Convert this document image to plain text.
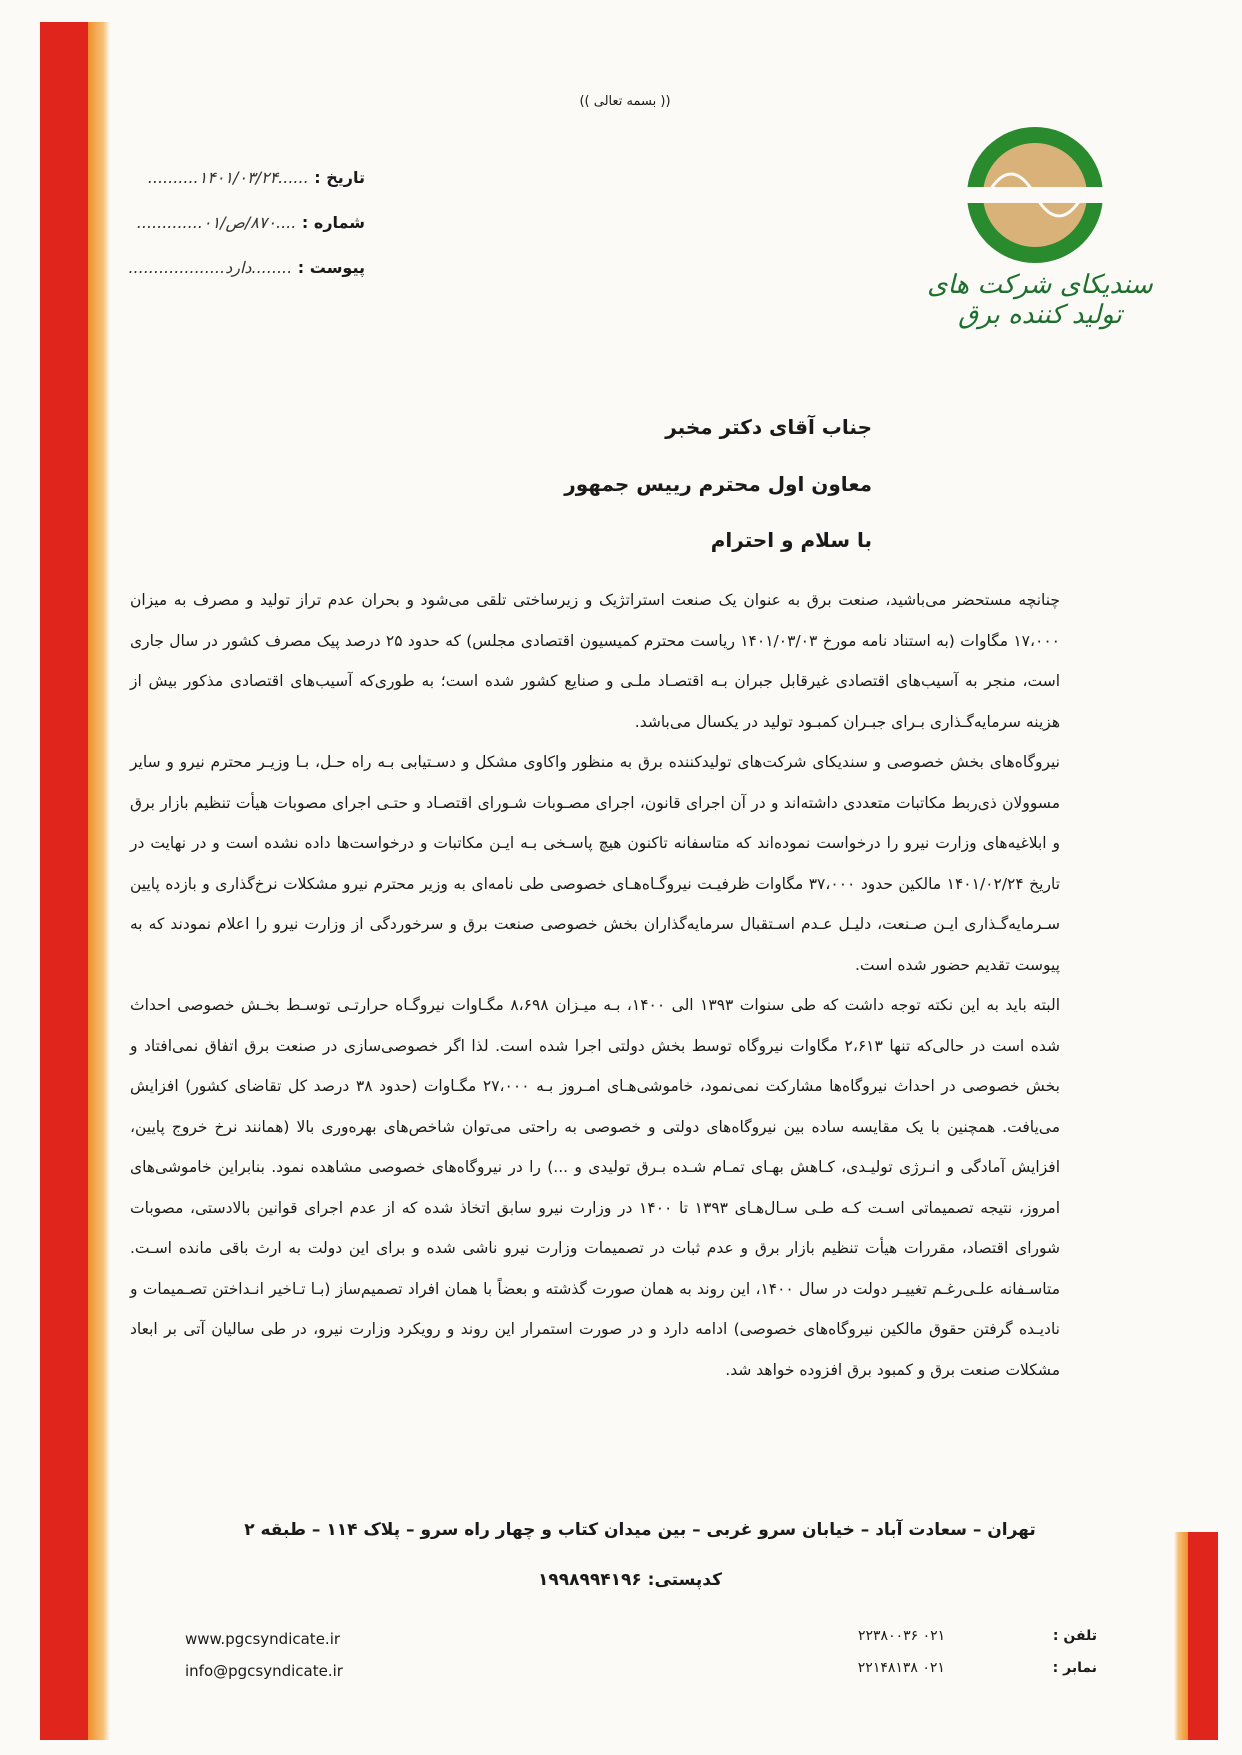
(( بسمه تعالی ))
سندیکای شرکت های تولید کننده برق
تاریخ : ......۱۴۰۱/۰۳/۲۴..........
شماره : ....۸۷۰/ص/۰۱.............
پیوست : ........دارد...................
جناب آقای دکتر مخبر
معاون اول محترم رییس جمهور
با سلام و احترام

چنانچه مستحضر می‌باشید، صنعت برق به عنوان یک صنعت استراتژیک و زیرساختی تلقی می‌شود و بحران عدم تراز تولید و مصرف به میزان ۱۷،۰۰۰ مگاوات (به استناد نامه مورخ ۱۴۰۱/۰۳/۰۳ ریاست محترم کمیسیون اقتصادی مجلس) که حدود ۲۵ درصد پیک مصرف کشور در سال جاری است، منجر به آسیب‌های اقتصادی غیرقابل جبران بـه اقتصـاد ملـی و صنایع کشور شده است؛ به طوری‌که آسیب‌های اقتصادی مذکور بیش از هزینه سرمایه‌گـذاری بـرای جبـران کمبـود تولید در یکسال می‌باشد.

نیروگاه‌های بخش خصوصی و سندیکای شرکت‌های تولیدکننده برق به منظور واکاوی مشکل و دسـتیابی بـه راه حـل، بـا وزیـر محترم نیرو و سایر مسوولان ذی‌ربط مکاتبات متعددی داشته‌اند و در آن اجرای قانون، اجرای مصـوبات شـورای اقتصـاد و حتـی اجرای مصوبات هیأت تنظیم بازار برق و ابلاغیه‌های وزارت نیرو را درخواست نموده‌اند که متاسفانه تاکنون هیچ پاسـخی بـه ایـن مکاتبات و درخواست‌ها داده نشده است و در نهایت در تاریخ ۱۴۰۱/۰۲/۲۴ مالکین حدود ۳۷،۰۰۰ مگاوات ظرفیـت نیروگـاه‌هـای خصوصی طی نامه‌ای به وزیر محترم نیرو مشکلات نرخ‌گذاری و بازده پایین سـرمایه‌گـذاری ایـن صـنعت، دلیـل عـدم اسـتقبال سرمایه‌گذاران بخش خصوصی صنعت برق و سرخوردگی از وزارت نیرو را اعلام نمودند که به پیوست تقدیم حضور شده است.

البته باید به این نکته توجه داشت که طی سنوات ۱۳۹۳ الی ۱۴۰۰، بـه میـزان ۸،۶۹۸ مگـاوات نیروگـاه حرارتـی توسـط بخـش خصوصی احداث شده است در حالی‌که تنها ۲،۶۱۳ مگاوات نیروگاه توسط بخش دولتی اجرا شده است. لذا اگر خصوصی‌سازی در صنعت برق اتفاق نمی‌افتاد و بخش خصوصی در احداث نیروگاه‌ها مشارکت نمی‌نمود، خاموشی‌هـای امـروز بـه ۲۷،۰۰۰ مگـاوات (حدود ۳۸ درصد کل تقاضای کشور) افزایش می‌یافت. همچنین با یک مقایسه ساده بین نیروگاه‌های دولتی و خصوصی به راحتی می‌توان شاخص‌های بهره‌وری بالا (همانند نرخ خروج پایین، افزایش آمادگی و انـرژی تولیـدی، کـاهش بهـای تمـام شـده بـرق تولیدی و ...) را در نیروگاه‌های خصوصی مشاهده نمود. بنابراین خاموشی‌های امروز، نتیجه تصمیماتی اسـت کـه طـی سـال‌هـای ۱۳۹۳ تا ۱۴۰۰ در وزارت نیرو سابق اتخاذ شده که از عدم اجرای قوانین بالادستی، مصوبات شورای اقتصاد، مقررات هیأت تنظیم بازار برق و عدم ثبات در تصمیمات وزارت نیرو ناشی شده و برای این دولت به ارث باقی مانده اسـت. متاسـفانه علـی‌رغـم تغییـر دولت در سال ۱۴۰۰، این روند به همان صورت گذشته و بعضاً با همان افراد تصمیم‌ساز (بـا تـاخیر انـداختن تصـمیمات و نادیـده گرفتن حقوق مالکین نیروگاه‌های خصوصی) ادامه دارد و در صورت استمرار این روند و رویکرد وزارت نیرو، در طی سالیان آتی بر ابعاد مشکلات صنعت برق و کمبود برق افزوده خواهد شد.

تهران – سعادت آباد – خیابان سرو غربی – بین میدان کتاب و چهار راه سرو – پلاک ۱۱۴ – طبقه ۲
کدپستی: ۱۹۹۸۹۹۴۱۹۶
تلفن : ۰۲۱ ۲۲۳۸۰۰۳۶
نمابر : ۰۲۱ ۲۲۱۴۸۱۳۸
www.pgcsyndicate.ir
info@pgcsyndicate.ir
